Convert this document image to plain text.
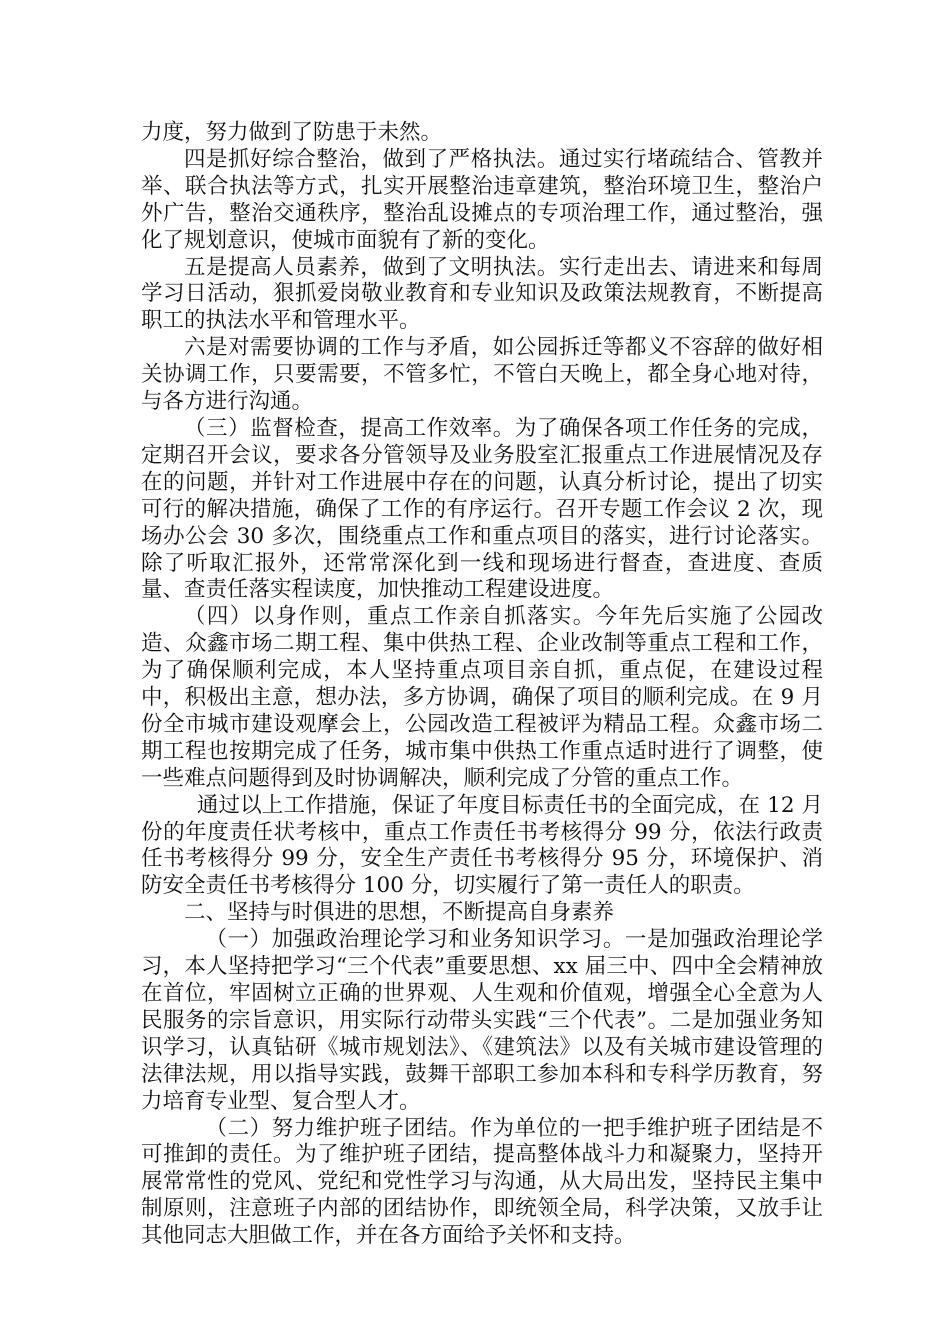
力度，努力做到了防患于未然。

四是抓好综合整治，做到了严格执法。通过实行堵疏结合、管教并举、联合执法等方式，扎实开展整治违章建筑，整治环境卫生，整治户外广告，整治交通秩序，整治乱设摊点的专项治理工作，通过整治，强化了规划意识，使城市面貌有了新的变化。

五是提高人员素养，做到了文明执法。实行走出去、请进来和每周学习日活动，狠抓爱岗敬业教育和专业知识及政策法规教育，不断提高职工的执法水平和管理水平。

六是对需要协调的工作与矛盾，如公园拆迁等都义不容辞的做好相关协调工作，只要需要，不管多忙，不管白天晚上，都全身心地对待，与各方进行沟通。

（三）监督检查，提高工作效率。为了确保各项工作任务的完成，定期召开会议，要求各分管领导及业务股室汇报重点工作进展情况及存在的问题，并针对工作进展中存在的问题，认真分析讨论，提出了切实可行的解决措施，确保了工作的有序运行。召开专题工作会议 2 次，现场办公会 30 多次，围绕重点工作和重点项目的落实，进行讨论落实。除了听取汇报外，还常常深化到一线和现场进行督查，查进度、查质量、查责任落实程读度，加快推动工程建设进度。

（四）以身作则，重点工作亲自抓落实。今年先后实施了公园改造、众鑫市场二期工程、集中供热工程、企业改制等重点工程和工作，为了确保顺利完成，本人坚持重点项目亲自抓，重点促，在建设过程中，积极出主意，想办法，多方协调，确保了项目的顺利完成。在 9 月份全市城市建设观摩会上，公园改造工程被评为精品工程。众鑫市场二期工程也按期完成了任务，城市集中供热工作重点适时进行了调整，使一些难点问题得到及时协调解决，顺利完成了分管的重点工作。

通过以上工作措施，保证了年度目标责任书的全面完成，在 12 月份的年度责任状考核中，重点工作责任书考核得分 99 分，依法行政责任书考核得分 99 分，安全生产责任书考核得分 95 分，环境保护、消防安全责任书考核得分 100 分，切实履行了第一责任人的职责。

二、坚持与时俱进的思想，不断提高自身素养

（一）加强政治理论学习和业务知识学习。一是加强政治理论学习，本人坚持把学习“三个代表”重要思想、xx 届三中、四中全会精神放在首位，牢固树立正确的世界观、人生观和价值观，增强全心全意为人民服务的宗旨意识，用实际行动带头实践“三个代表”。二是加强业务知识学习，认真钻研《城市规划法》、《建筑法》以及有关城市建设管理的法律法规，用以指导实践，鼓舞干部职工参加本科和专科学历教育，努力培育专业型、复合型人才。

（二）努力维护班子团结。作为单位的一把手维护班子团结是不可推卸的责任。为了维护班子团结，提高整体战斗力和凝聚力，坚持开展常常性的党风、党纪和党性学习与沟通，从大局出发，坚持民主集中制原则，注意班子内部的团结协作，即统领全局，科学决策，又放手让其他同志大胆做工作，并在各方面给予关怀和支持。
